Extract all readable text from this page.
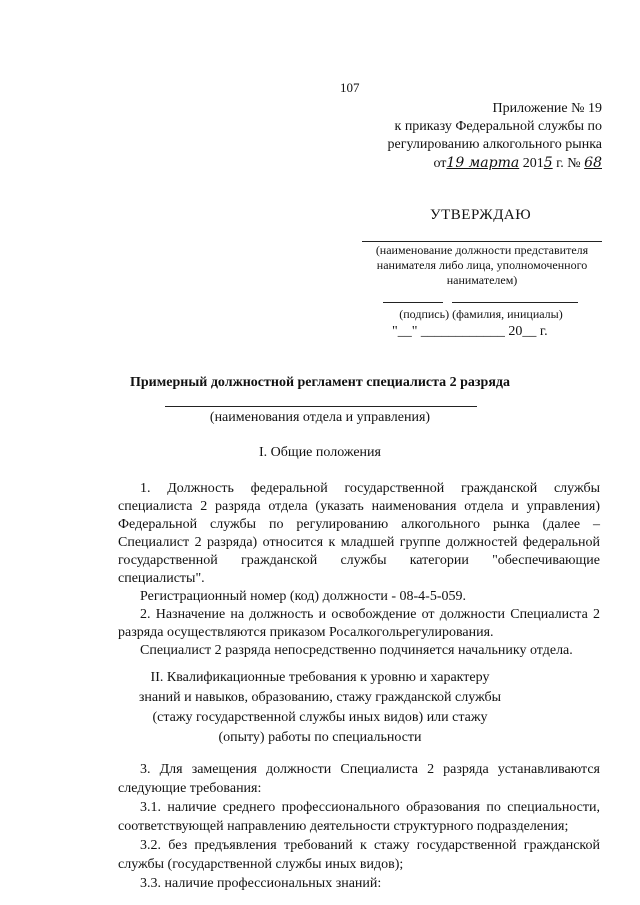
107
Приложение № 19
к приказу Федеральной службы по
регулированию алкогольного рынка
от19 марта 2015 г. № 68
УТВЕРЖДАЮ
(наименование должности представителя
нанимателя либо лица, уполномоченного
нанимателем)
(подпись) (фамилия, инициалы)
"__" ____________ 20__ г.
Примерный должностной регламент специалиста 2 разряда
(наименования отдела и управления)
I. Общие положения

1. Должность федеральной государственной гражданской службы специалиста 2 разряда отдела (указать наименования отдела и управления) Федеральной службы по регулированию алкогольного рынка (далее – Специалист 2 разряда) относится к младшей группе должностей федеральной государственной гражданской службы категории "обеспечивающие специалисты".

Регистрационный номер (код) должности - 08-4-5-059.

2. Назначение на должность и освобождение от должности Специалиста 2 разряда осуществляются приказом Росалкогольрегулирования.

Специалист 2 разряда непосредственно подчиняется начальнику отдела.

II. Квалификационные требования к уровню и характеру
знаний и навыков, образованию, стажу гражданской службы
(стажу государственной службы иных видов) или стажу
(опыту) работы по специальности

3. Для замещения должности Специалиста 2 разряда устанавливаются следующие требования:

3.1. наличие среднего профессионального образования по специальности, соответствующей направлению деятельности структурного подразделения;

3.2. без предъявления требований к стажу государственной гражданской службы (государственной службы иных видов);

3.3. наличие профессиональных знаний:
